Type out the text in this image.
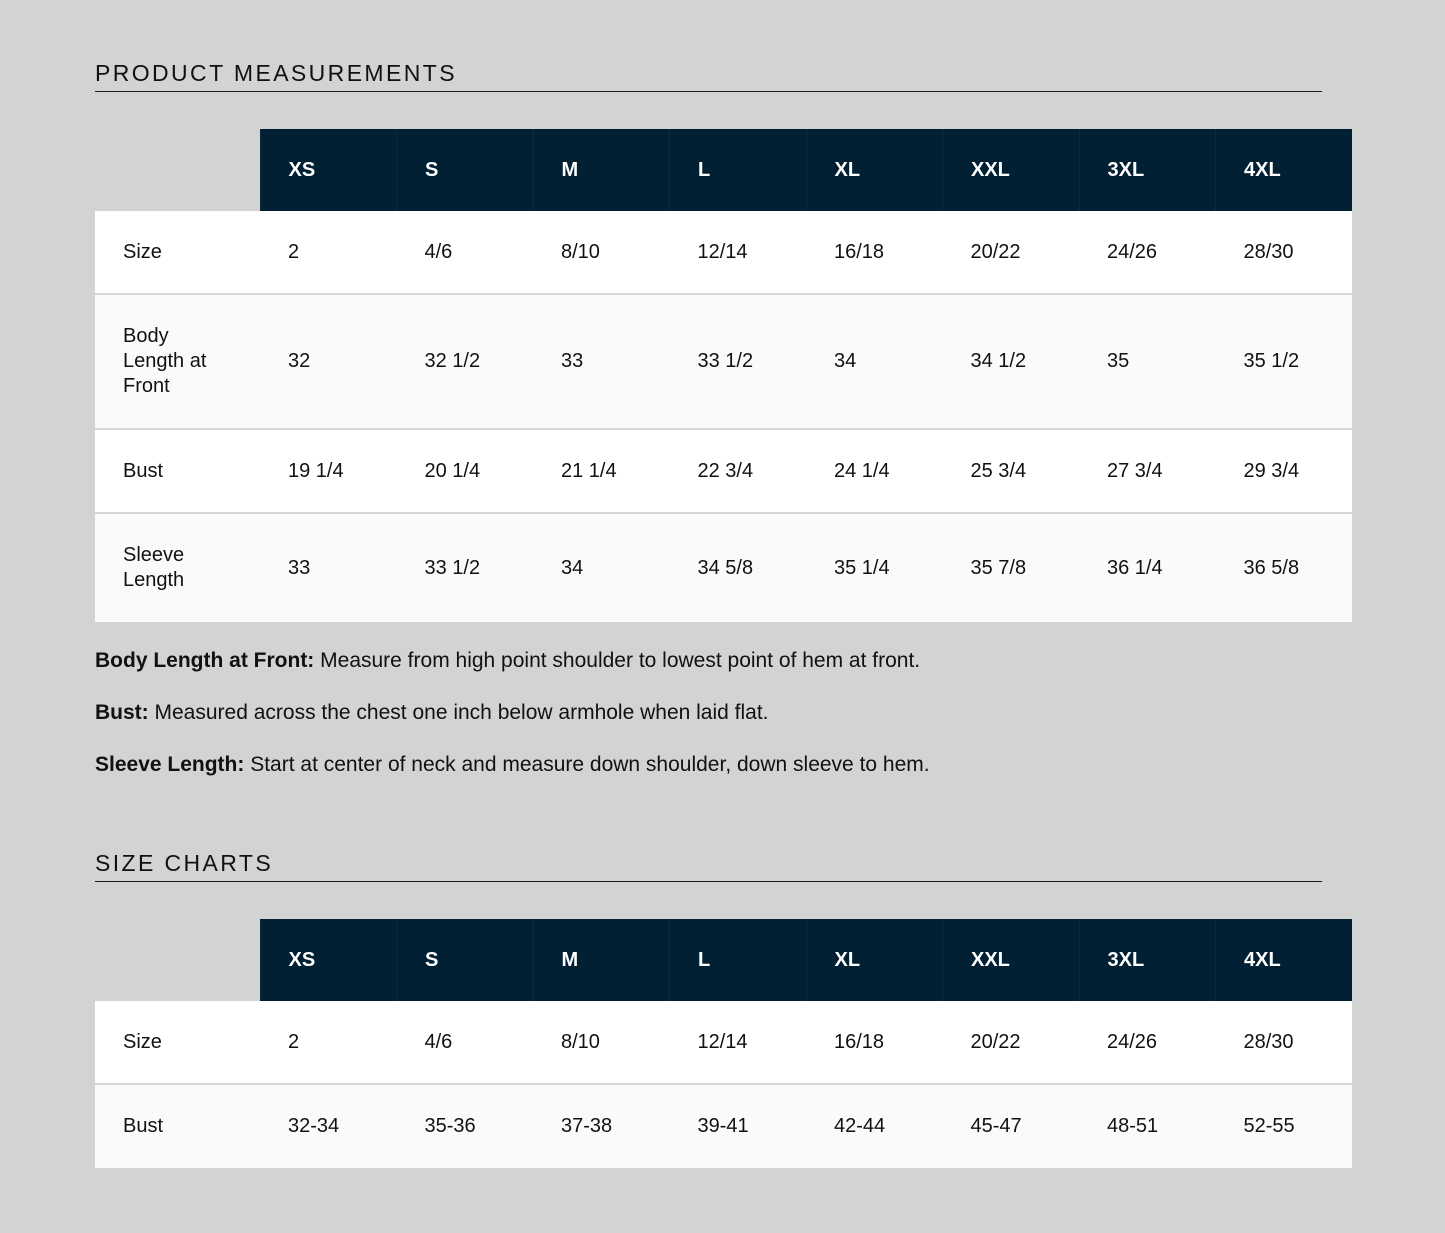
PRODUCT MEASUREMENTS
	XS	S	M	L	XL	XXL	3XL	4XL
Size	2	4/6	8/10	12/14	16/18	20/22	24/26	28/30
Body Length at Front	32	32 1/2	33	33 1/2	34	34 1/2	35	35 1/2
Bust	19 1/4	20 1/4	21 1/4	22 3/4	24 1/4	25 3/4	27 3/4	29 3/4
Sleeve Length	33	33 1/2	34	34 5/8	35 1/4	35 7/8	36 1/4	36 5/8

Body Length at Front: Measure from high point shoulder to lowest point of hem at front.

Bust: Measured across the chest one inch below armhole when laid flat.

Sleeve Length: Start at center of neck and measure down shoulder, down sleeve to hem.

SIZE CHARTS
	XS	S	M	L	XL	XXL	3XL	4XL
Size	2	4/6	8/10	12/14	16/18	20/22	24/26	28/30
Bust	32-34	35-36	37-38	39-41	42-44	45-47	48-51	52-55
